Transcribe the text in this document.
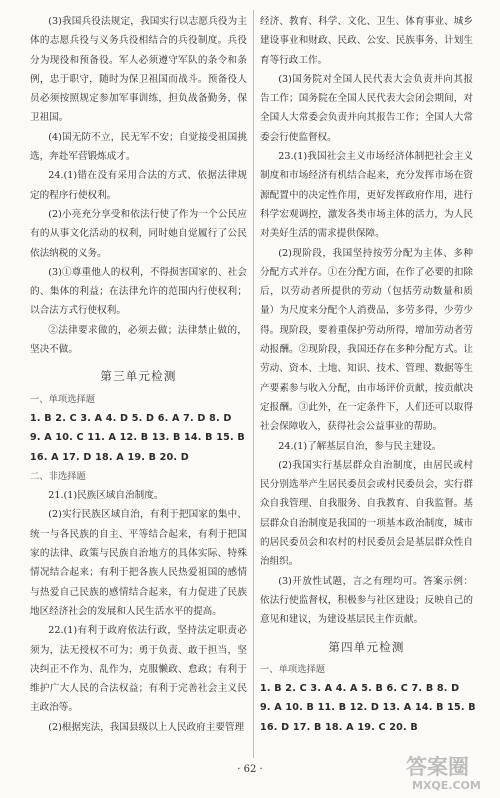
(3)我国兵役法规定，我国实行以志愿兵役为主体的志愿兵役与义务兵役相结合的兵役制度。兵役分为现役和预备役。军人必须遵守军队的条令和条例，忠于职守，随时为保卫祖国而战斗。预备役人员必须按照规定参加军事训练，担负战备勤务，保卫祖国。

(4)国无防不立，民无军不安；自觉接受祖国挑选，奔赴军营锻炼成才。

24.(1)错在没有采用合法的方式、依据法律规定的程序行使权利。

(2)小亮充分享受和依法行使了作为一个公民应有的从事文化活动的权利，同时她自觉履行了公民依法纳税的义务。

(3)①尊重他人的权利，不得损害国家的、社会的、集体的利益；在法律允许的范围内行使权利；以合法方式行使权利。

②法律要求做的，必须去做；法律禁止做的，坚决不做。

第三单元检测

一、单项选择题

1. B 2. C 3. A 4. D 5. D 6. A 7. D 8. D

9. A 10. C 11. A 12. B 13. B 14. B 15. B

16. A 17. D 18. A 19. B 20. D

二、非选择题

21.(1)民族区域自治制度。

(2)实行民族区域自治，有利于把国家的集中、统一与各民族的自主、平等结合起来，有利于把国家的法律、政策与民族自治地方的具体实际、特殊情况结合起来；有利于把各族人民热爱祖国的感情与热爱自己民族的感情结合起来，有力促进了民族地区经济社会的发展和人民生活水平的提高。

22.(1)有利于政府依法行政，坚持法定职责必须为，法无授权不可为；勇于负责、敢于担当，坚决纠正不作为、乱作为，克服懒政、怠政；有利于维护广大人民的合法权益；有利于完善社会主义民主政治等。

(2)根据宪法，我国县级以上人民政府主要管理

经济、教育、科学、文化、卫生、体育事业、城乡建设事业和财政、民政、公安、民族事务、计划生育等行政工作。

(3)国务院对全国人民代表大会负责并向其报告工作；国务院在全国人民代表大会闭会期间，对全国人大常委会负责并向其报告工作；全国人大常委会行使监督权。

23.(1)我国社会主义市场经济体制把社会主义制度和市场经济有机结合起来，充分发挥市场在资源配置中的决定性作用，更好发挥政府作用，进行科学宏观调控，激发各类市场主体的活力，为人民对美好生活的需求提供保障。

(2)现阶段，我国坚持按劳分配为主体、多种分配方式并存。①在分配方面，在作了必要的扣除后，以劳动者所提供的劳动（包括劳动数量和质量）为尺度来分配个人消费品，多劳多得，少劳少得。现阶段，要着重保护劳动所得，增加劳动者劳动报酬。②现阶段，我国还存在多种分配方式。让劳动、资本、土地、知识、技术、管理、数据等生产要素参与收入分配，由市场评价贡献，按贡献决定报酬。③此外，在一定条件下，人们还可以取得社会保障收入，获得社会公益事业的帮助。

24.(1)了解基层自治，参与民主建设。

(2)我国实行基层群众自治制度，由居民或村民分别选举产生居民委员会或村民委员会，实行群众自我管理、自我服务、自我教育、自我监督。基层群众自治制度是我国的一项基本政治制度，城市的居民委员会和农村的村民委员会是基层群众性自治组织。

(3)开放性试题，言之有理均可。答案示例：依法行使监督权，积极参与社区建设；反映自己的意见和建议，为建设基层民主作贡献。

第四单元检测

一、单项选择题

1. B 2. C 3. A 4. A 5. B 6. C 7. B 8. D

9. A 10. B 11. B 12. D 13. A 14. B 15. B

16. D 17. B 18. A 19. C 20. B

· 62 ·	答案圈
MXQE.COM
